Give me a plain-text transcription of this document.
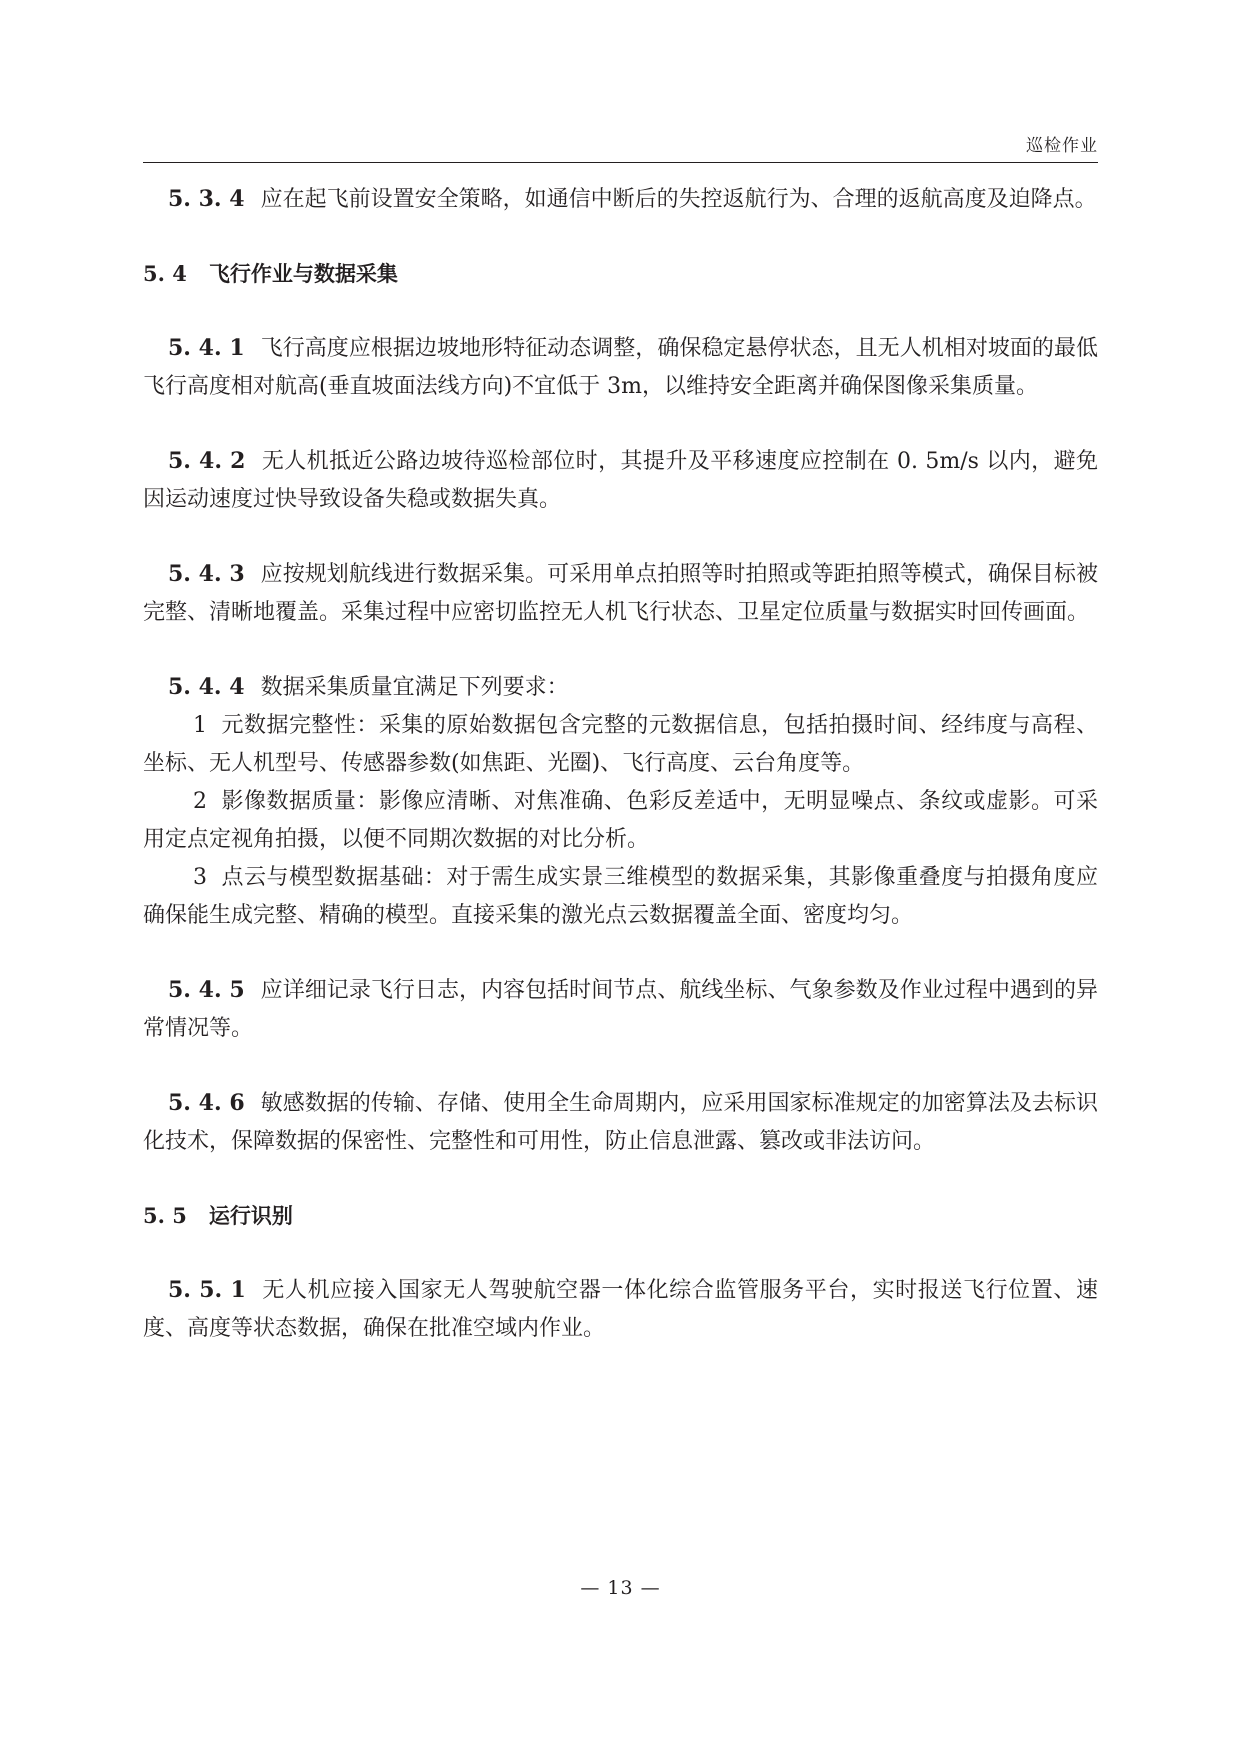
巡检作业

5. 3. 4 应在起飞前设置安全策略，如通信中断后的失控返航行为、合理的返航高度及迫降点。

5. 4 飞行作业与数据采集

5. 4. 1 飞行高度应根据边坡地形特征动态调整，确保稳定悬停状态，且无人机相对坡面的最低飞行高度相对航高(垂直坡面法线方向)不宜低于 3m，以维持安全距离并确保图像采集质量。

5. 4. 2 无人机抵近公路边坡待巡检部位时，其提升及平移速度应控制在 0. 5m/s 以内，避免因运动速度过快导致设备失稳或数据失真。

5. 4. 3 应按规划航线进行数据采集。可采用单点拍照等时拍照或等距拍照等模式，确保目标被完整、清晰地覆盖。采集过程中应密切监控无人机飞行状态、卫星定位质量与数据实时回传画面。

5. 4. 4 数据采集质量宜满足下列要求：

1 元数据完整性：采集的原始数据包含完整的元数据信息，包括拍摄时间、经纬度与高程、坐标、无人机型号、传感器参数(如焦距、光圈)、飞行高度、云台角度等。

2 影像数据质量：影像应清晰、对焦准确、色彩反差适中，无明显噪点、条纹或虚影。可采用定点定视角拍摄，以便不同期次数据的对比分析。

3 点云与模型数据基础：对于需生成实景三维模型的数据采集，其影像重叠度与拍摄角度应确保能生成完整、精确的模型。直接采集的激光点云数据覆盖全面、密度均匀。

5. 4. 5 应详细记录飞行日志，内容包括时间节点、航线坐标、气象参数及作业过程中遇到的异常情况等。

5. 4. 6 敏感数据的传输、存储、使用全生命周期内，应采用国家标准规定的加密算法及去标识化技术，保障数据的保密性、完整性和可用性，防止信息泄露、篡改或非法访问。

5. 5 运行识别

5. 5. 1 无人机应接入国家无人驾驶航空器一体化综合监管服务平台，实时报送飞行位置、速度、高度等状态数据，确保在批准空域内作业。

— 13 —
